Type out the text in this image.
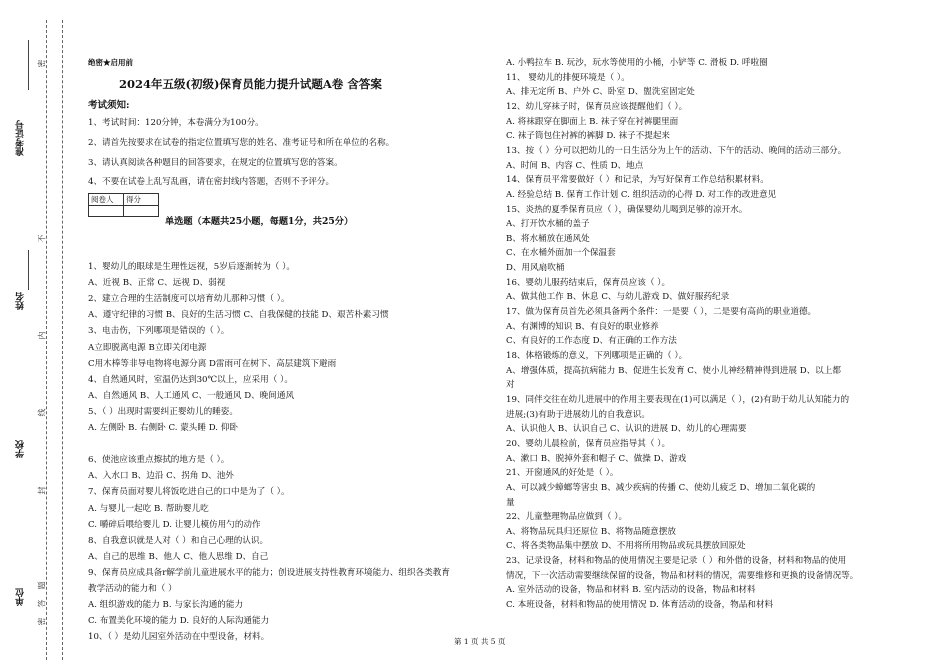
准考证号
姓名
学校
单位
密
不
内
线
封
题
答
密
绝密★启用前
2024年五级(初级)保育员能力提升试题A卷 含答案
考试须知:
1、考试时间：120分钟，本卷满分为100分。
2、请首先按要求在试卷的指定位置填写您的姓名、准考证号和所在单位的名称。
3、请认真阅读各种题目的回答要求，在规定的位置填写您的答案。
4、不要在试卷上乱写乱画，请在密封线内答题，否则不予评分。
阅卷人	得分

单选题（本题共25小题，每题1分，共25分）
1、婴幼儿的眼球是生理性远视，5岁后逐渐转为（ ）。
A、近视 B、正常 C、远视 D、弱视
2、建立合理的生活制度可以培育幼儿那种习惯（ ）。
A、遵守纪律的习惯 B、良好的生活习惯 C、自我保健的技能 D、艰苦朴素习惯
3、电击伤，下列哪项是错误的（ ）。
A立即脱离电源 B立即关闭电源
C用木棒等非导电物将电源分离 D雷雨可在树下、高层建筑下避雨
4、自然通风时，室温仍达到30℃以上，应采用（ ）。
A、自然通风 B、人工通风 C、一般通风 D、晚间通风
5、（ ）出现时需要纠正婴幼儿的睡姿。
A. 左侧卧 B. 右侧卧 C. 蒙头睡 D. 仰卧
6、使池应该重点擦拭的地方是（ ）。
A、入水口 B、边沿 C、拐角 D、池外
7、保育员面对婴儿将饭吃进自己的口中是为了（ ）。
A. 与婴儿一起吃 B. 帮助婴儿吃
C. 嚼碎后喂给婴儿 D. 让婴儿模仿用勺的动作
8、自我意识就是人对（ ）和自己心理的认识。
A、自己的思维 B、他人 C、他人思维 D、自己
9、保育员应成具备r解学前儿童进展水平的能力；创设进展支持性教育环境能力、组织各类教育
教学活动的能力和（ ）
A. 组织游戏的能力 B. 与家长沟通的能力
C. 布置美化环境的能力 D. 良好的人际沟通能力
10、（ ）是幼儿园室外活动在中型设备，材料。
A. 小鸭拉车 B. 玩沙，玩水等使用的小桶，小铲等 C. 滑板 D. 呼啦圈
11、 婴幼儿的排便环境是（ ）。
A、排无定所 B、户外 C、卧室 D、盥洗室固定处
12、幼儿穿袜子时，保育员应该提醒他们（ ）。
A. 将袜跟穿在脚面上 B. 袜子穿在衬裤腿里面
C. 袜子筒包住衬裤的裤脚 D. 袜子不提起来
13、按（ ）分可以把幼儿的一日生活分为上午的活动、下午的活动、晚间的活动三部分。
A、时间 B、内容 C、性质 D、地点
14、保育员平常要做好（ ）和记录，为写好保育工作总结积累材料。
A. 经验总结 B. 保育工作计划 C. 组织活动的心得 D. 对工作的改进意见
15、炎热的夏季保育员应（ ），确保婴幼儿喝到足够的凉开水。
A、打开饮水桶的盖子
B、将水桶放在通风处
C、在水桶外面加一个保温套
D、用风扇吹桶
16、婴幼儿服药结束后，保育员应该（ ）。
A、做其他工作 B、休息 C、与幼儿游戏 D、做好服药纪录
17、做为保育员首先必须具备两个条件：一是要（ ），二是要有高尚的职业道德。
A、有渊博的知识 B、有良好的职业修养
C、有良好的工作态度 D、有正确的工作方法
18、体格锻炼的意义，下列哪项是正确的（ ）。
A、增强体质，提高抗病能力 B、促进生长发育 C、使小儿神经精神得到进展 D、以上都
对
19、同伴交往在幼儿进展中的作用主要表现在(1)可以满足（ ），(2)有助于幼儿认知能力的
进展;(3)有助于进展幼儿的自我意识。
A、认识他人 B、认识自己 C、认识的进展 D、幼儿的心理需要
20、婴幼儿晨检前，保育员应指导其（ ）。
A、漱口 B、脱掉外套和帽子 C、做操 D、游戏
21、开窗通风的好处是（ ）。
A、可以减少蟑螂等害虫 B、减少疾病的传播 C、使幼儿疲乏 D、增加二氧化碳的
量
22、儿童整理物品应做到（ ）。
A、将物品玩具归还原位 B、将物品随意摆放
C、将各类物品集中摆放 D、不用将所用物品或玩具摆放回原处
23、记录设备，材料和物品的使用情况主要是记录（ ）和外借的设备，材料和物品的使用
情况，下一次活动需要继续保留的设备，物品和材料的情况，需要维修和更换的设备情况等。
A. 室外活动的设备，物品和材料 B. 室内活动的设备，物品和材料
C. 本班设备，材料和物品的使用情况 D. 体育活动的设备，物品和材料
第 1 页 共 5 页
